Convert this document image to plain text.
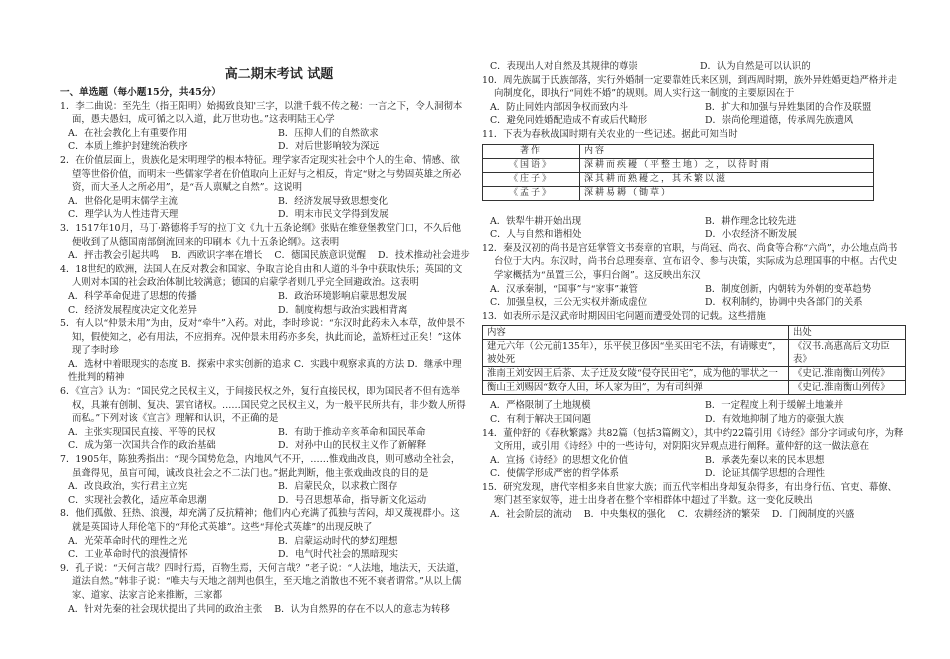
高二期末考试 试题
一、单选题（每小题15分，共45分）
1．李二曲说：至先生（指王阳明）始揭致良知'三字，以泄千载不传之秘：一言之下，令人洞彻本面，愚夫愚妇，成可循之以入道，此万世功也。”这表明陆王心学
A．在社会教化上有重要作用	B．压抑人们的自然欲求
C．本质上维护封建统治秩序	D．对后世影响较为深远
2．在价值层面上，贵族化是宋明理学的根本特征。理学家否定现实社会中个人的生命、情感、欲望等世俗价值，而明末一些儒家学者在价值取向上正好与之相反，肯定“财之与势固英雄之所必资，而大圣人之所必用”，是“吾人禀赋之自然”。这说明
A．世俗化是明末儒学主流	B．经济发展导致思想变化
C．理学认为人性违背天理	D．明末市民文学得到发展
3．1517年10月，马丁·路德将手写的拉丁文《九十五条论纲》张贴在维登堡教堂门口，不久后他便收到了从德国南部倒流回来的印刷本《九十五条论纲》。这表明
A．抨击教会引起共鸣 B．西欧识字率在增长 C．德国民族意识觉醒 D．技术推动社会进步
4．18世纪的欧洲，法国人在反对教会和国家、争取言论自由和人道的斗争中获取快乐；英国的文人则对本国的社会政治体制比较满意；德国的启蒙学者则几乎完全回避政治。这表明
A．科学革命促进了思想的传播	B．政治环境影响启蒙思想发展
C．经济发展程度决定文化差异	D．制度构想与政治实践相背离
5．有人以“仲景未用”为由，反对“牵牛”入药。对此，李时珍说：“东汉时此药未入本草，故仲景不知，假使知之，必有用法，不应捐弃。况仲景未用药亦多矣，执此而论，盖矫枉过正矣！”这体现了李时珍
A．选材中着眼现实的态度 B．探索中求实创新的追求 C．实践中观察求真的方法 D．继承中理性批判的精神
6．《宣言》认为：“国民党之民权主义，于间接民权之外，复行直接民权，即为国民者不但有选举权，具兼有创制、复决、罢官诸权。……国民党之民权主义，为一般平民所共有，非少数人所得而私。”下列对该《宣言》理解和认识，不正确的是
A．主张实现国民直接、平等的民权	B．有助于推动辛亥革命和国民革命
C．成为第一次国共合作的政治基础	D．对孙中山的民权主义作了新解释
7．1905年，陈独秀指出：“现今国势危急，内地风气不开，……惟戏曲改良，则可感动全社会，虽聋得见，虽盲可闻，诚改良社会之不二法门也。”据此判断，他主张戏曲改良的目的是
A．改良政治，实行君主立宪	B．启蒙民众，以求救亡图存
C．实现社会教化，适应革命思潮	D．号召思想革命，指导新文化运动
8．他们孤傲、狂热、浪漫，却充满了反抗精神；他们内心充满了孤独与苦闷，却又蔑视群小。这就是英国诗人拜伦笔下的“拜伦式英雄”。这些“拜伦式英雄”的出现反映了
A．光荣革命时代的理性之光	B．启蒙运动时代的梦幻理想
C．工业革命时代的浪漫情怀	D．电气时代社会的黑暗现实
9．孔子说：“天何言哉？四时行焉，百物生焉，天何言哉？”老子说：“人法地，地法天，天法道，道法自然。”韩非子说：“唯夫与天地之剖判也俱生，至天地之消散也不死不衰者谓常。”从以上儒家、道家、法家言论来推断，三家都
A．针对先秦的社会现状提出了共同的政治主张 B．认为自然界的存在不以人的意志为转移
C．表现出人对自然及其规律的尊崇	D．认为自然是可以认识的
10．周先族属于氏族部落，实行外婚制一定要靠姓氏来区别，到西周时期，族外异姓婚更趋严格并走向制度化，即执行“同姓不婚”的规则。周人实行这一制度的主要原因在于
A．防止同姓内部因争权而致内斗	B．扩大和加强与异姓集团的合作及联盟
C．避免同姓婚配造成不育或后代畸形	D．崇尚伦理道德，传承周先族遗风
11．下表为春秋战国时期有关农业的一些记述。据此可知当时
著作	内容
《国语》	深耕而疾耰（平整土地）之，以待时雨
《庄子》	深其耕而熟耰之，其禾繁以滋
《孟子》	深耕易耨（锄草）
A．铁犁牛耕开始出现	B．耕作理念比较先进
C．人与自然和谐相处	D．小农经济不断发展
12．秦及汉初的尚书是宫廷掌管文书奏章的官职，与尚冠、尚衣、尚食等合称“六尚”，办公地点尚书台位于大内。东汉时，尚书台总理奏章、宣布诏令、参与决策，实际成为总理国事的中枢。古代史学家概括为“虽置三公，事归台阁”。这反映出东汉
A．汉承秦制，“国事”与“家事”兼管	B．制度创新，内朝转为外朝的变革趋势
C．加强皇权，三公无实权并渐成虚位	D．权利制约，协调中央各部门的关系
13．如表所示是汉武帝时期因田宅问题而遭受处罚的记载。这些措施
内容	出处
建元六年（公元前135年），乐平侯卫侈因“坐买田宅不法，有请赇吏”，被处死	《汉书.高惠高后文功臣表》
淮南王刘安因王后荼、太子迁及女陵“侵夺民田宅”，成为他的罪状之一	《史记.淮南衡山列传》
衡山王刘赐因“数夺人田，坏人家为田”，为有司纠弹	《史记.淮南衡山列传》
A．严格限制了土地规模	B．一定程度上利于缓解土地兼并
C．有利于解决王国问题	D．有效地抑制了地方的豪强大族
14．董仲舒的《春秋繁露》共82篇（包括3篇阙文），其中约22篇引用《诗经》部分字词或句序，为释文所用，或引用《诗经》中的一些诗句，对阴阳灾异观点进行阐释。董仲舒的这一做法意在
A．宣扬《诗经》的思想文化价值	B．承袭先秦以来的民本思想
C．使儒学形成严密的哲学体系	D．论证其儒学思想的合理性
15．研究发现，唐代宰相多来自世家大族；而五代宰相出身却复杂得多，有出身行伍、官吏、幕僚、寒门甚至家奴等，进士出身者在整个宰相群体中超过了半数。这一变化反映出
A．社会阶层的流动 B．中央集权的强化 C．农耕经济的繁荣 D．门阀制度的兴盛
